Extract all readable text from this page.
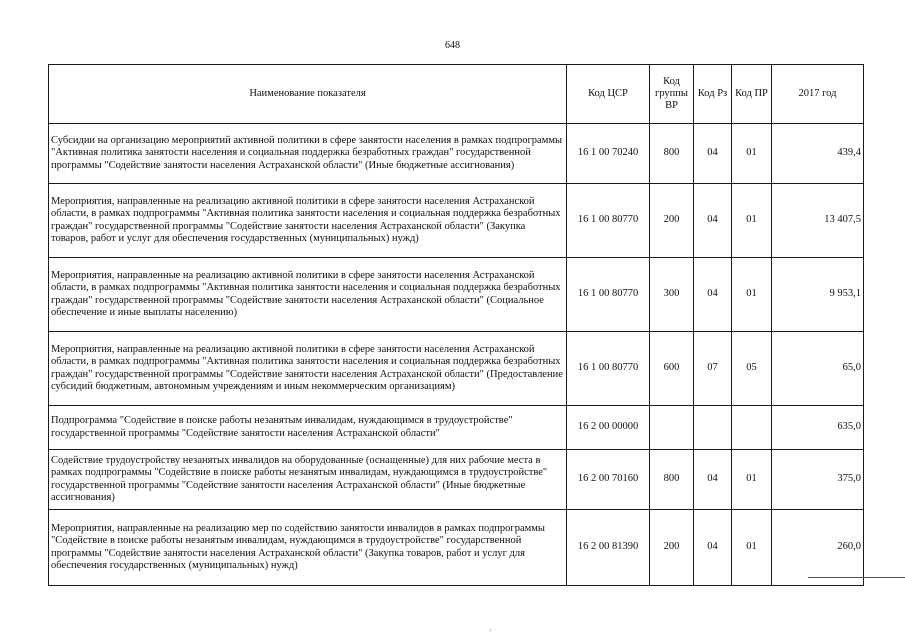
648
Наименование показателя	Код ЦСР	Код группы ВР	Код Рз	Код ПР	2017 год
Субсидии на организацию мероприятий активной политики в сфере занятости населения в рамках подпрограммы "Активная политика занятости населения и социальная поддержка безработных граждан" государственной программы "Содействие занятости населения Астраханской области" (Иные бюджетные ассигнования)	16 1 00 70240	800	04	01	439,4
Мероприятия, направленные на реализацию активной политики в сфере занятости населения Астраханской области, в рамках подпрограммы "Активная политика занятости населения и социальная поддержка безработных граждан" государственной программы "Содействие занятости населения Астраханской области" (Закупка товаров, работ и услуг для обеспечения государственных (муниципальных) нужд)	16 1 00 80770	200	04	01	13 407,5
Мероприятия, направленные на реализацию активной политики в сфере занятости населения Астраханской области, в рамках подпрограммы "Активная политика занятости населения и социальная поддержка безработных граждан" государственной программы "Содействие занятости населения Астраханской области" (Социальное обеспечение и иные выплаты населению)	16 1 00 80770	300	04	01	9 953,1
Мероприятия, направленные на реализацию активной политики в сфере занятости населения Астраханской области, в рамках подпрограммы "Активная политика занятости населения и социальная поддержка безработных граждан" государственной программы "Содействие занятости населения Астраханской области" (Предоставление субсидий бюджетным, автономным учреждениям и иным некоммерческим организациям)	16 1 00 80770	600	07	05	65,0
Подпрограмма "Содействие в поиске работы незанятым инвалидам, нуждающимся в трудоустройстве" государственной программы "Содействие занятости населения Астраханской области"	16 2 00 00000				635,0
Содействие трудоустройству незанятых инвалидов на оборудованные (оснащенные) для них рабочие места в рамках подпрограммы "Содействие в поиске работы незанятым инвалидам, нуждающимся в трудоустройстве" государственной программы "Содействие занятости населения Астраханской области" (Иные бюджетные ассигнования)	16 2 00 70160	800	04	01	375,0
Мероприятия, направленные на реализацию мер по содействию занятости инвалидов в рамках подпрограммы "Содействие в поиске работы незанятым инвалидам, нуждающимся в трудоустройстве" государственной программы "Содействие занятости населения Астраханской области" (Закупка товаров, работ и услуг для обеспечения государственных (муниципальных) нужд)	16 2 00 81390	200	04	01	260,0
'
